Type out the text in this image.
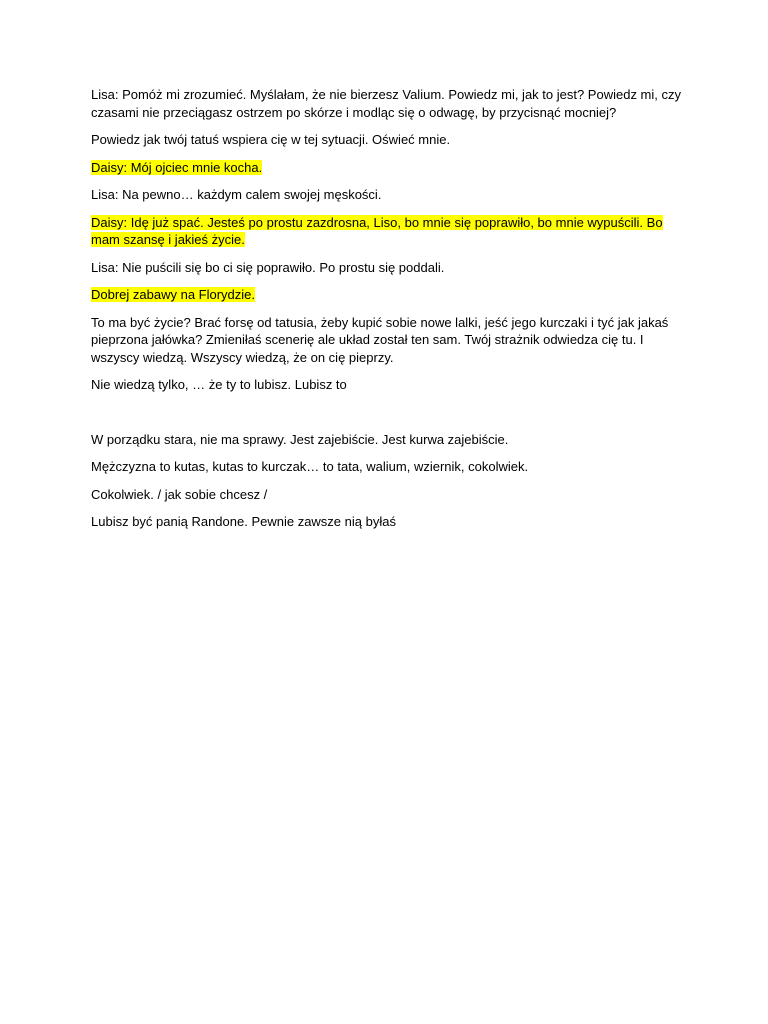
Lisa: Pomóż mi zrozumieć. Myślałam, że nie bierzesz Valium. Powiedz mi, jak to jest? Powiedz mi, czy czasami nie przeciągasz ostrzem po skórze i modląc się o odwagę, by przycisnąć mocniej?

Powiedz jak twój tatuś wspiera cię w tej sytuacji. Oświeć mnie.

Daisy: Mój ojciec mnie kocha.

Lisa: Na pewno… każdym calem swojej męskości.

Daisy: Idę już spać. Jesteś po prostu zazdrosna, Liso, bo mnie się poprawiło, bo mnie wypuścili. Bo mam szansę i jakieś życie.

Lisa: Nie puścili się bo ci się poprawiło. Po prostu się poddali.

Dobrej zabawy na Florydzie.

To ma być życie? Brać forsę od tatusia, żeby kupić sobie nowe lalki, jeść jego kurczaki i tyć jak jakaś pieprzona jałówka? Zmieniłaś scenerię ale układ został ten sam. Twój strażnik odwiedza cię tu. I wszyscy wiedzą. Wszyscy wiedzą, że on cię pieprzy.

Nie wiedzą tylko, … że ty to lubisz. Lubisz to

W porządku stara, nie ma sprawy. Jest zajebiście. Jest kurwa zajebiście.

Mężczyzna to kutas, kutas to kurczak… to tata, walium, wziernik, cokolwiek.

Cokolwiek. / jak sobie chcesz /

Lubisz być panią Randone. Pewnie zawsze nią byłaś
